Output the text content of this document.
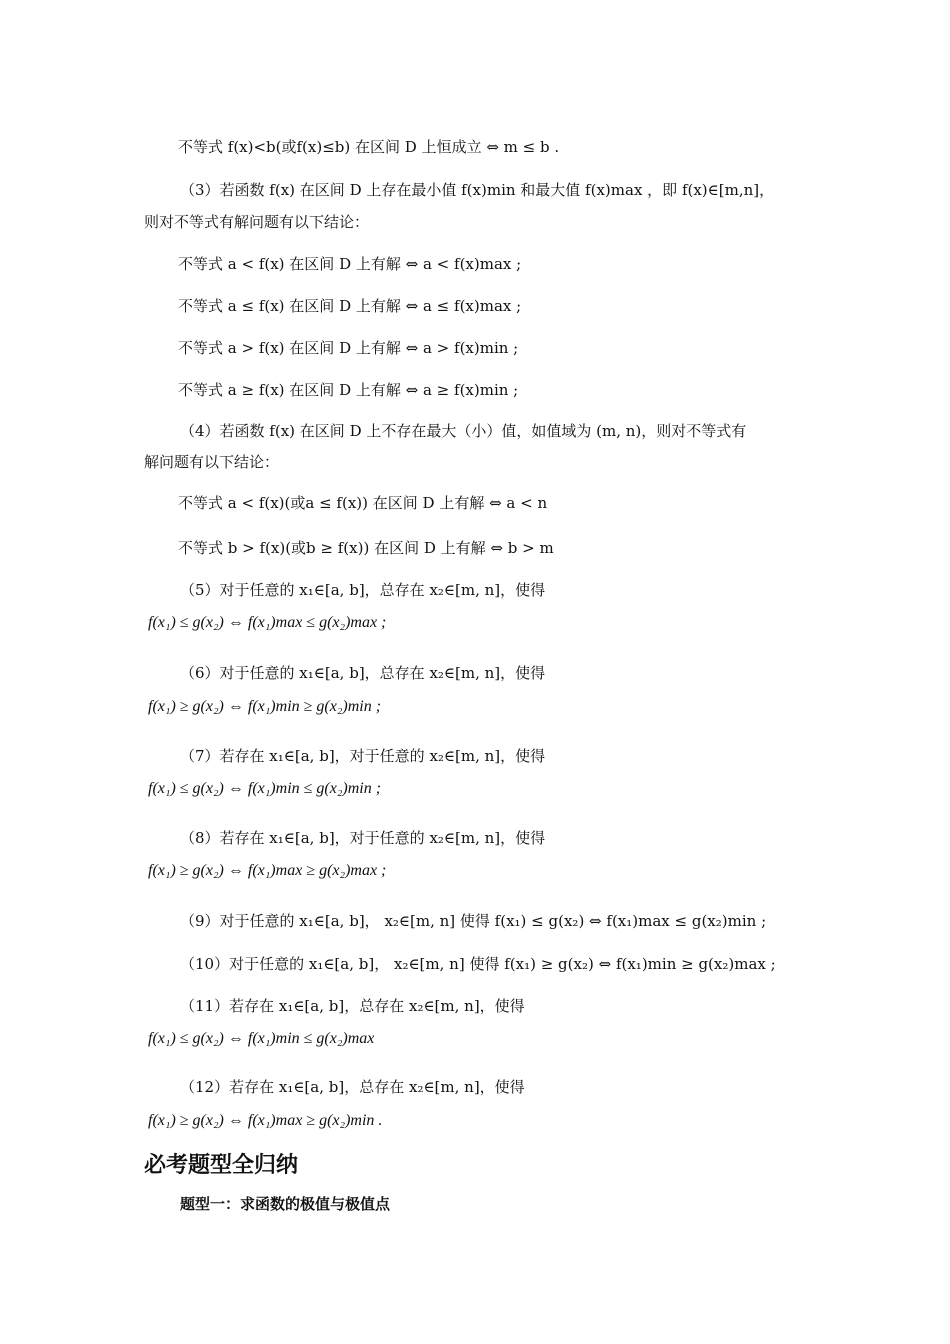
不等式 f(x)<b(或f(x)≤b) 在区间 D 上恒成立 ⇔ m ≤ b .
（3）若函数 f(x) 在区间 D 上存在最小值 f(x)min 和最大值 f(x)max ，即 f(x)∈[m,n]，
则对不等式有解问题有以下结论：
不等式 a < f(x) 在区间 D 上有解 ⇔ a < f(x)max ;
不等式 a ≤ f(x) 在区间 D 上有解 ⇔ a ≤ f(x)max ;
不等式 a > f(x) 在区间 D 上有解 ⇔ a > f(x)min ;
不等式 a ≥ f(x) 在区间 D 上有解 ⇔ a ≥ f(x)min ;
（4）若函数 f(x) 在区间 D 上不存在最大（小）值，如值域为 (m, n)，则对不等式有
解问题有以下结论：
不等式 a < f(x)(或a ≤ f(x)) 在区间 D 上有解 ⇔ a < n
不等式 b > f(x)(或b ≥ f(x)) 在区间 D 上有解 ⇔ b > m
（5）对于任意的 x₁∈[a, b]，总存在 x₂∈[m, n]，使得
f(x₁) ≤ g(x₂) ⇔ f(x₁)max ≤ g(x₂)max ;
（6）对于任意的 x₁∈[a, b]，总存在 x₂∈[m, n]，使得
f(x₁) ≥ g(x₂) ⇔ f(x₁)min ≥ g(x₂)min ;
（7）若存在 x₁∈[a, b]，对于任意的 x₂∈[m, n]，使得
f(x₁) ≤ g(x₂) ⇔ f(x₁)min ≤ g(x₂)min ;
（8）若存在 x₁∈[a, b]，对于任意的 x₂∈[m, n]，使得
f(x₁) ≥ g(x₂) ⇔ f(x₁)max ≥ g(x₂)max ;
（9）对于任意的 x₁∈[a, b]， x₂∈[m, n] 使得 f(x₁) ≤ g(x₂) ⇔ f(x₁)max ≤ g(x₂)min ;
（10）对于任意的 x₁∈[a, b]， x₂∈[m, n] 使得 f(x₁) ≥ g(x₂) ⇔ f(x₁)min ≥ g(x₂)max ;
（11）若存在 x₁∈[a, b]，总存在 x₂∈[m, n]，使得
f(x₁) ≤ g(x₂) ⇔ f(x₁)min ≤ g(x₂)max
（12）若存在 x₁∈[a, b]，总存在 x₂∈[m, n]，使得
f(x₁) ≥ g(x₂) ⇔ f(x₁)max ≥ g(x₂)min .
必考题型全归纳
题型一：求函数的极值与极值点
